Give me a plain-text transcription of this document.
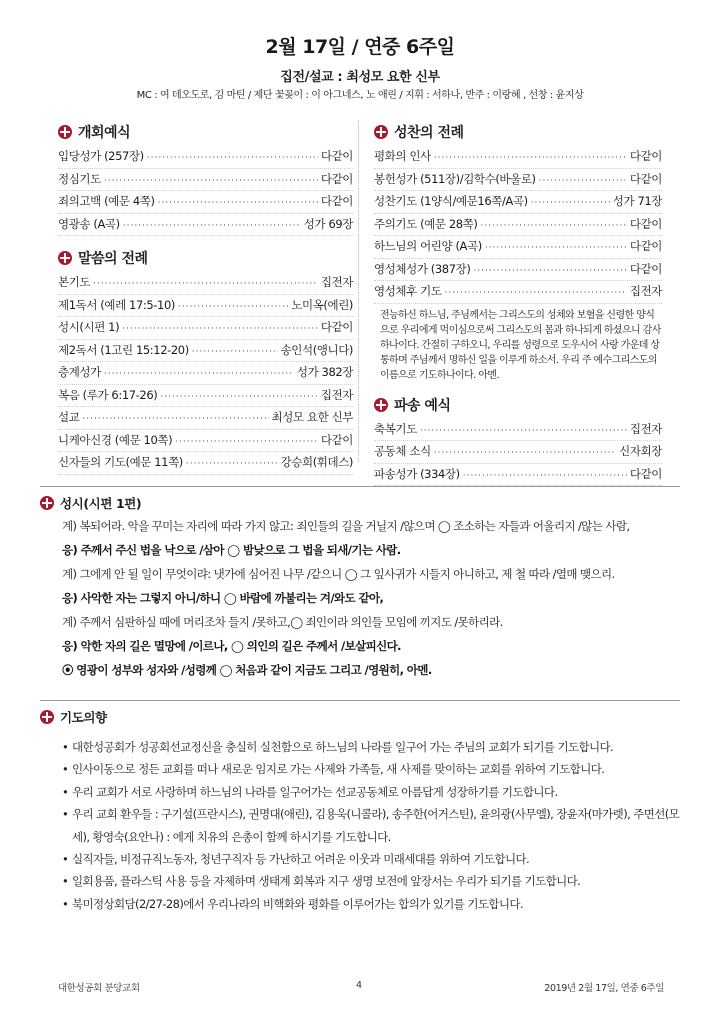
2월 17일 / 연중 6주일
집전/설교 : 최성모 요한 신부
MC : 여 데오도로, 김 마틴 / 제단 꽃꽂이 : 이 아그네스, 노 애린 / 지휘 : 서하나, 반주 : 이랑혜 , 선창 : 윤지상
개회예식
입당성가 (257장) ·····	다같이
정심기도 ·····	다같이
죄의고백 (예문 4쪽) ·····	다같이
영광송 (A곡) ·····	성가 69장
말씀의 전례
본기도 ·····	집전자
제1독서 (예레 17:5-10) ·····	노미옥(에린)
성시(시편 1) ·····	다같이
제2독서 (1고린 15:12-20) ·····	송인석(앵니다)
층계성가 ·····	성가 382장
복음 (루가 6:17-26) ·····	집전자
설교 ·····	최성모 요한 신부
니케아신경 (예문 10쪽) ·····	다같이
신자들의 기도(예문 11쪽) ·····	강승희(휘데스)
성찬의 전례
평화의 인사 ·····	다같이
봉헌성가 (511장)/김학수(바울로) ·····	다같이
성찬기도 (1양식/예문16쪽/A곡) ·····	성가 71장
주의기도 (예문 28쪽) ·····	다같이
하느님의 어린양 (A곡) ·····	다같이
영성체성가 (387장) ·····	다같이
영성체후 기도 ·····	집전자
전능하신 하느님, 주님께서는 그리스도의 성체와 보혈을 신령한 양식으로 우리에게 먹이심으로써 그리스도의 몸과 하나되게 하셨으니 감사하나이다. 간절히 구하오니, 우리를 성령으로 도우시어 사랑 가운데 상통하며 주님께서 명하신 일을 이루게 하소서. 우리 주 예수그리스도의 이름으로 기도하나이다. 아멘.
파송 예식
축복기도 ·····	집전자
공동체 소식 ·····	신자회장
파송성가 (334장) ·····	다같이
성시(시편 1편)
계) 복되어라. 악을 꾸미는 자리에 따라 가지 않고: 죄인들의 길을 거닐지 /않으며 ◯ 조소하는 자들과 어울리지 /않는 사람,
응) 주께서 주신 법을 낙으로 /삼아 ◯ 밤낮으로 그 법을 되새/기는 사람.
계) 그에게 안 될 일이 무엇이랴: 냇가에 심어진 나무 /같으니 ◯ 그 잎사귀가 시들지 아니하고, 제 철 따라 /열매 맺으리.
응) 사악한 자는 그렇지 아니/하니 ◯ 바람에 까불리는 겨/와도 같아,
계) 주께서 심판하실 때에 머리조차 들지 /못하고,◯ 죄인이라 의인들 모임에 끼지도 /못하리라.
응) 악한 자의 길은 멸망에 /이르나, ◯ 의인의 길은 주께서 /보살피신다.
⦿ 영광이 성부와 성자와 /성령께 ◯ 처음과 같이 지금도 그리고 /영원히, 아멘.
기도의향
• 대한성공회가 성공회선교정신을 충실히 실천함으로 하느님의 나라를 일구어 가는 주님의 교회가 되기를 기도합니다.
• 인사이동으로 정든 교회를 떠나 새로운 임지로 가는 사제와 가족들, 새 사제를 맞이하는 교회를 위하여 기도합니다.
• 우리 교회가 서로 사랑하며 하느님의 나라를 일구어가는 선교공동체로 아름답게 성장하기를 기도합니다.
• 우리 교회 환우들 : 구기설(프란시스), 권명대(애린), 김용욱(니콜라), 송주한(어거스틴), 윤의광(사무엘), 장윤자(마가렛), 주면선(모세), 황영숙(요안나) : 에게 치유의 은총이 함께 하시기를 기도합니다.
• 실직자들, 비정규직노동자, 청년구직자 등 가난하고 어려운 이웃과 미래세대를 위하여 기도합니다.
• 일회용품, 플라스틱 사용 등을 자제하며 생태계 회복과 지구 생명 보전에 앞장서는 우리가 되기를 기도합니다.
• 북미정상회담(2/27-28)에서 우리나라의 비핵화와 평화를 이루어가는 합의가 있기를 기도합니다.
대한성공회 분당교회	4	2019년 2월 17일, 연중 6주일
